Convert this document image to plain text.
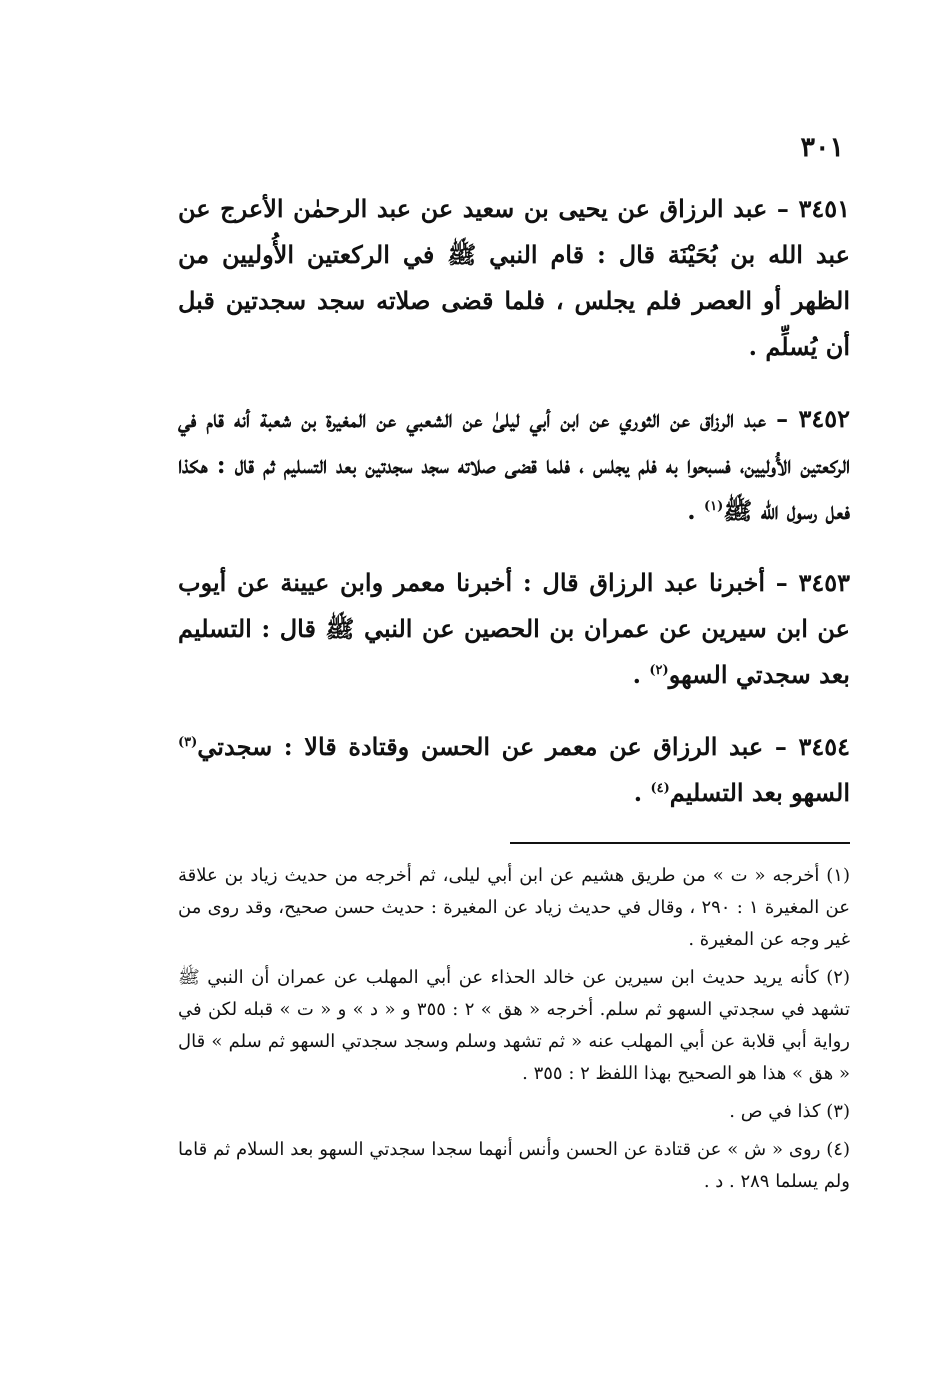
٣٠١

٣٤٥١ – عبد الرزاق عن يحيى بن سعيد عن عبد الرحمٰن الأعرج عن عبد الله بن بُحَيْنَة قال : قام النبي ﷺ في الركعتين الأُوليين من الظهر أو العصر فلم يجلس ، فلما قضى صلاته سجد سجدتين قبل أن يُسلِّم .

٣٤٥٢ – عبد الرزاق عن الثوري عن ابن أبي ليلىٰ عن الشعبي عن المغيرة بن شعبة أنه قام في الركعتين الأُوليين، فسبحوا به فلم يجلس ، فلما قضى صلاته سجد سجدتين بعد التسليم ثم قال : هكذا فعل رسول الله ﷺ$^{(١)}$ .

٣٤٥٣ – أخبرنا عبد الرزاق قال : أخبرنا معمر وابن عيينة عن أيوب عن ابن سيرين عن عمران بن الحصين عن النبي ﷺ قال : التسليم بعد سجدتي السهو$^{(٢)}$ .

٣٤٥٤ – عبد الرزاق عن معمر عن الحسن وقتادة قالا : سجدتي$^{(٣)}$ السهو بعد التسليم$^{(٤)}$ .

(١) أخرجه « ت » من طريق هشيم عن ابن أبي ليلى، ثم أخرجه من حديث زياد بن علاقة عن المغيرة ١ : ٢٩٠ ، وقال في حديث زياد عن المغيرة : حديث حسن صحيح، وقد روى من غير وجه عن المغيرة .

(٢) كأنه يريد حديث ابن سيرين عن خالد الحذاء عن أبي المهلب عن عمران أن النبي ﷺ تشهد في سجدتي السهو ثم سلم. أخرجه « هق » ٢ : ٣٥٥ و « د » و « ت » قبله لكن في رواية أبي قلابة عن أبي المهلب عنه « ثم تشهد وسلم وسجد سجدتي السهو ثم سلم » قال « هق » هذا هو الصحيح بهذا اللفظ ٢ : ٣٥٥ .

(٣) كذا في ص .

(٤) روى « ش » عن قتادة عن الحسن وأنس أنهما سجدا سجدتي السهو بعد السلام ثم قاما ولم يسلما ٢٨٩ . د .
